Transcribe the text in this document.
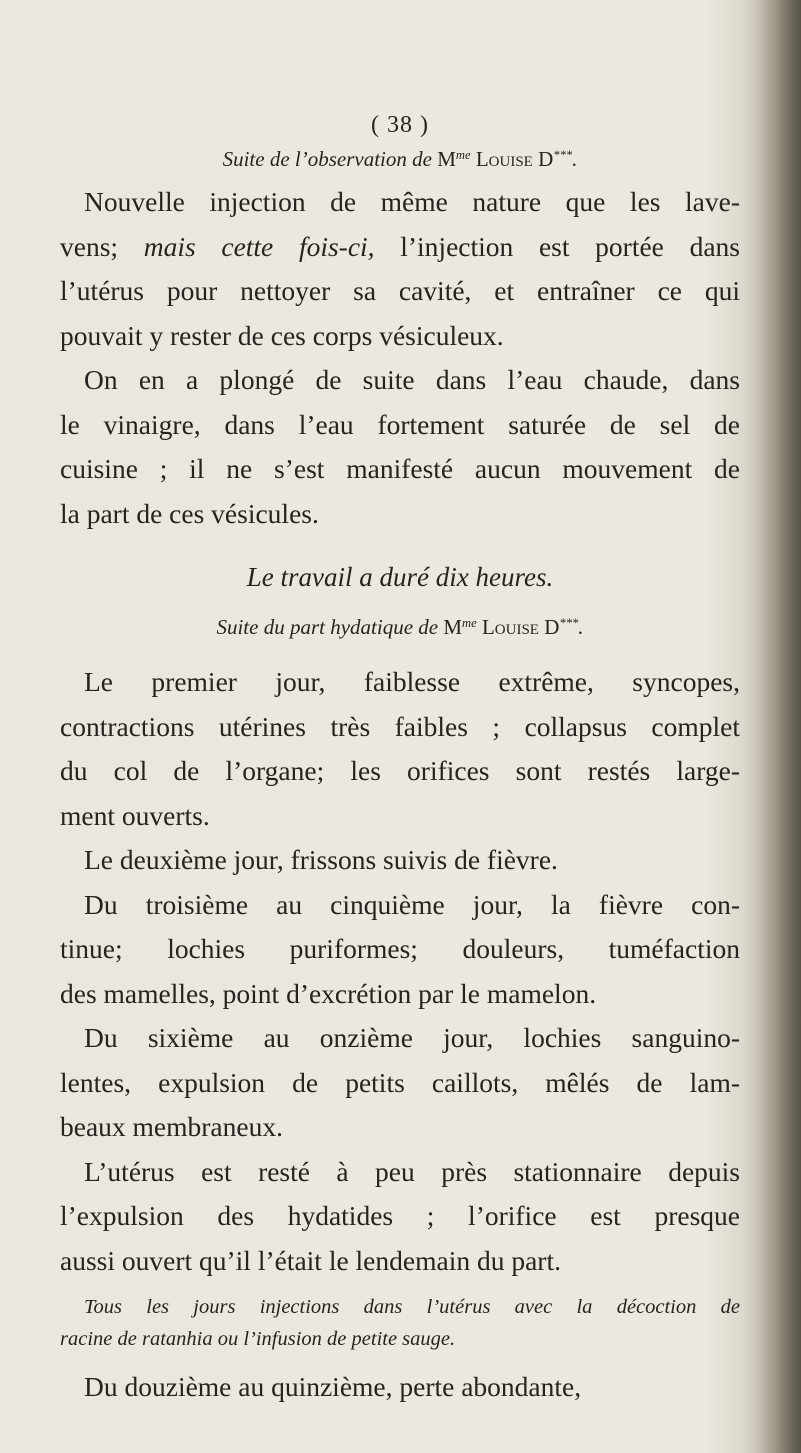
( 38 )
Suite de l’observation de $M^{me}$ Louise D***.
Nouvelle injection de même nature que les lave-
vens; mais cette fois-ci, l’injection est portée dans
l’utérus pour nettoyer sa cavité, et entraîner ce qui
pouvait y rester de ces corps vésiculeux.
On en a plongé de suite dans l’eau chaude, dans
le vinaigre, dans l’eau fortement saturée de sel de
cuisine ; il ne s’est manifesté aucun mouvement de
la part de ces vésicules.
Le travail a duré dix heures.
Suite du part hydatique de $M^{me}$ Louise D***.
Le premier jour, faiblesse extrême, syncopes,
contractions utérines très faibles ; collapsus complet
du col de l’organe; les orifices sont restés large-
ment ouverts.
Le deuxième jour, frissons suivis de fièvre.
Du troisième au cinquième jour, la fièvre con-
tinue; lochies puriformes; douleurs, tuméfaction
des mamelles, point d’excrétion par le mamelon.
Du sixième au onzième jour, lochies sanguino-
lentes, expulsion de petits caillots, mêlés de lam-
beaux membraneux.
L’utérus est resté à peu près stationnaire depuis
l’expulsion des hydatides ; l’orifice est presque
aussi ouvert qu’il l’était le lendemain du part.
Tous les jours injections dans l’utérus avec la décoction de
racine de ratanhia ou l’infusion de petite sauge.
Du douzième au quinzième, perte abondante,
